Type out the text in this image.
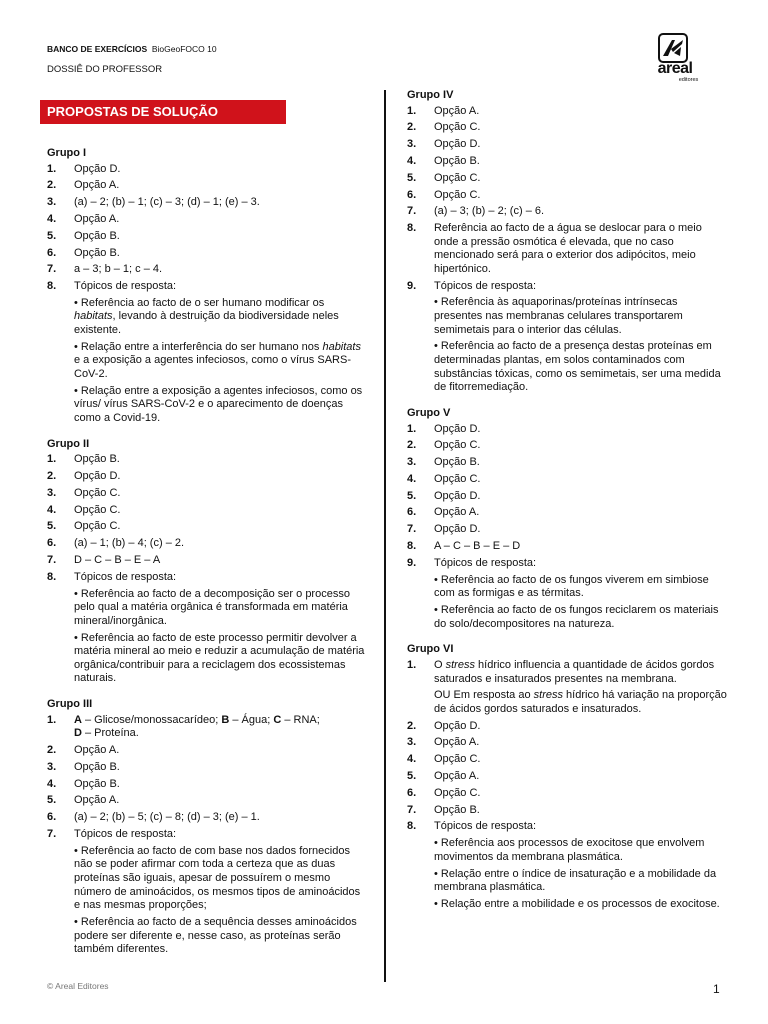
BANCO DE EXERCÍCIOS BioGeoFOCO 10
DOSSIÊ DO PROFESSOR	areal
editores
PROPOSTAS DE SOLUÇÃO
Grupo I
1.	Opção D.
2.	Opção A.
3.	(a) – 2; (b) – 1; (c) – 3; (d) – 1; (e) – 3.
4.	Opção A.
5.	Opção B.
6.	Opção B.
7.	a – 3; b – 1; c – 4.
8.	Tópicos de resposta:
• Referência ao facto de o ser humano modificar os habitats, levando à destruição da biodiversidade neles existente.
• Relação entre a interferência do ser humano nos habitats e a exposição a agentes infeciosos, como o vírus SARS-CoV-2.
• Relação entre a exposição a agentes infeciosos, como os vírus/ vírus SARS-CoV-2 e o aparecimento de doenças como a Covid-19.
Grupo II
1.	Opção B.
2.	Opção D.
3.	Opção C.
4.	Opção C.
5.	Opção C.
6.	(a) – 1; (b) – 4; (c) – 2.
7.	D – C – B – E – A
8.	Tópicos de resposta:
• Referência ao facto de a decomposição ser o processo pelo qual a matéria orgânica é transformada em matéria mineral/inorgânica.
• Referência ao facto de este processo permitir devolver a matéria mineral ao meio e reduzir a acumulação de matéria orgânica/contribuir para a reciclagem dos ecossistemas naturais.
Grupo III
1.	A – Glicose/monossacarídeo; B – Água; C – RNA;
D – Proteína.
2.	Opção A.
3.	Opção B.
4.	Opção B.
5.	Opção A.
6.	(a) – 2; (b) – 5; (c) – 8; (d) – 3; (e) – 1.
7.	Tópicos de resposta:
• Referência ao facto de com base nos dados fornecidos não se poder afirmar com toda a certeza que as duas proteínas são iguais, apesar de possuírem o mesmo número de aminoácidos, os mesmos tipos de aminoácidos e nas mesmas proporções;
• Referência ao facto de a sequência desses aminoácidos podere ser diferente e, nesse caso, as proteínas serão também diferentes.
Grupo IV
1.	Opção A.
2.	Opção C.
3.	Opção D.
4.	Opção B.
5.	Opção C.
6.	Opção C.
7.	(a) – 3; (b) – 2; (c) – 6.
8.	Referência ao facto de a água se deslocar para o meio onde a pressão osmótica é elevada, que no caso mencionado será para o exterior dos adipócitos, meio hipertónico.
9.	Tópicos de resposta:
• Referência às aquaporinas/proteínas intrínsecas presentes nas membranas celulares transportarem semimetais para o interior das células.
• Referência ao facto de a presença destas proteínas em determinadas plantas, em solos contaminados com substâncias tóxicas, como os semimetais, ser uma medida de fitorremediação.
Grupo V
1.	Opção D.
2.	Opção C.
3.	Opção B.
4.	Opção C.
5.	Opção D.
6.	Opção A.
7.	Opção D.
8.	A – C – B – E – D
9.	Tópicos de resposta:
• Referência ao facto de os fungos viverem em simbiose com as formigas e as térmitas.
• Referência ao facto de os fungos reciclarem os materiais do solo/decompositores na natureza.
Grupo VI
1.	O stress hídrico influencia a quantidade de ácidos gordos saturados e insaturados presentes na membrana.
OU Em resposta ao stress hídrico há variação na proporção de ácidos gordos saturados e insaturados.
2.	Opção D.
3.	Opção A.
4.	Opção C.
5.	Opção A.
6.	Opção C.
7.	Opção B.
8.	Tópicos de resposta:
• Referência aos processos de exocitose que envolvem movimentos da membrana plasmática.
• Relação entre o índice de insaturação e a mobilidade da membrana plasmática.
• Relação entre a mobilidade e os processos de exocitose.
© Areal Editores	1
